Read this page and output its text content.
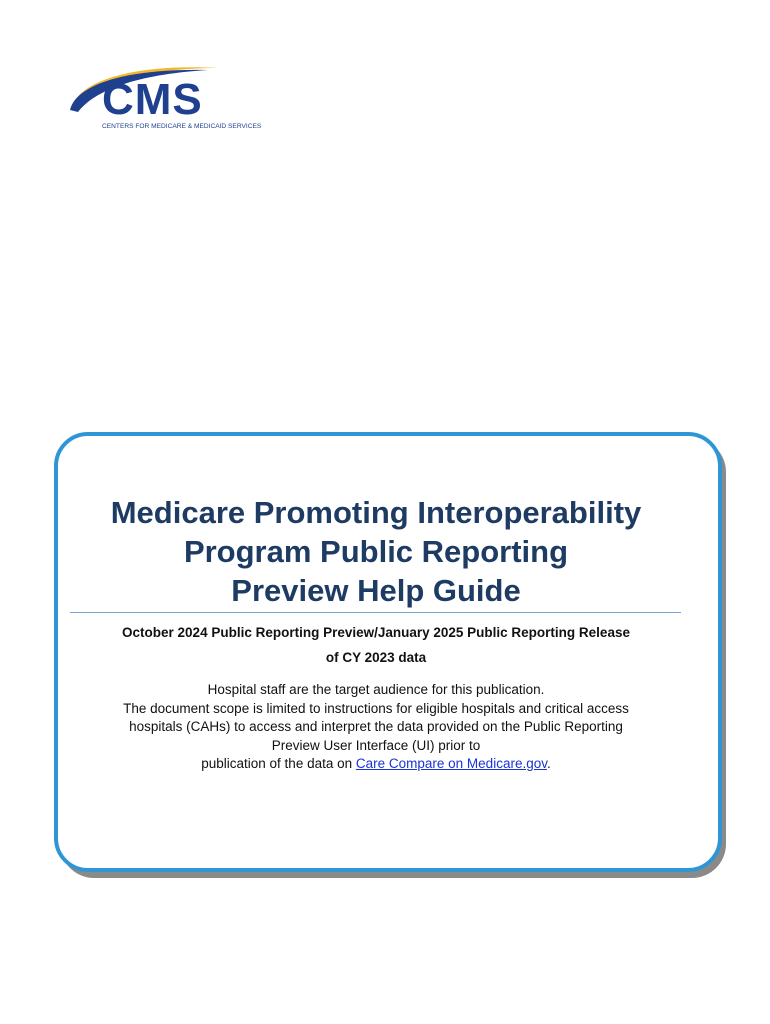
CMS
CENTERS FOR MEDICARE & MEDICAID SERVICES
Medicare Promoting Interoperability
Program Public Reporting
Preview Help Guide

October 2024 Public Reporting Preview/January 2025 Public Reporting Release
of CY 2023 data

Hospital staff are the target audience for this publication.
The document scope is limited to instructions for eligible hospitals and critical access
hospitals (CAHs) to access and interpret the data provided on the Public Reporting
Preview User Interface (UI) prior to
publication of the data on Care Compare on Medicare.gov.
